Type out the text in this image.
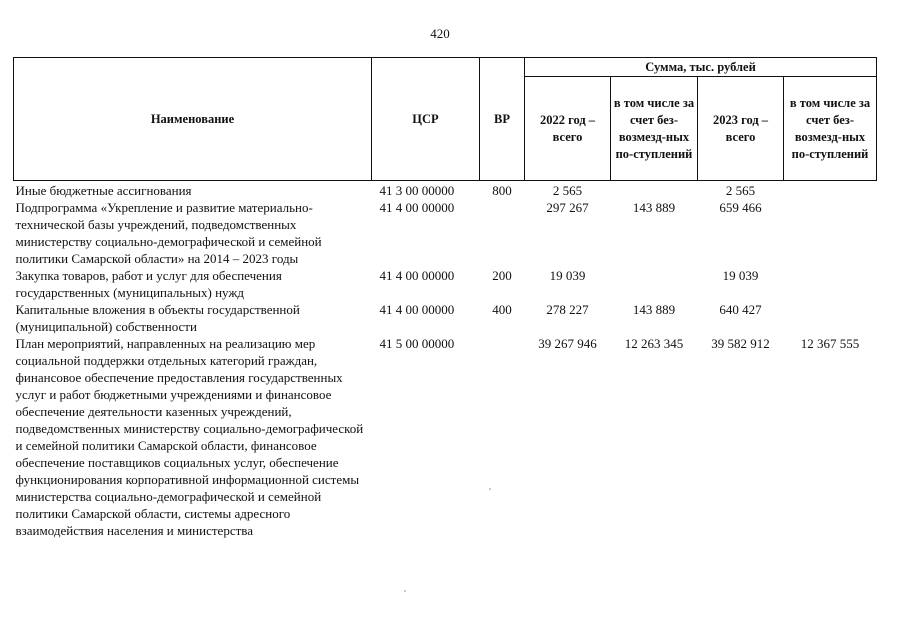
420
Наименование	ЦСР	ВР	Сумма, тыс. рублей			
			2022 год – всего	в том числе за счет без-возмезд-ных по-ступлений	2023 год – всего	в том числе за счет без-возмезд-ных по-ступлений
Иные бюджетные ассигнования	41 3 00 00000	800	2 565		2 565	
Подпрограмма «Укрепление и развитие материально-технической базы учреждений, подведомственных министерству социально-демографической и семейной политики Самарской области» на 2014 – 2023 годы	41 4 00 00000		297 267	143 889	659 466	
Закупка товаров, работ и услуг для обеспечения государственных (муниципальных) нужд	41 4 00 00000	200	19 039		19 039	
Капитальные вложения в объекты государственной (муниципальной) собственности	41 4 00 00000	400	278 227	143 889	640 427	
План мероприятий, направленных на реализацию мер социальной поддержки отдельных категорий граждан, финансовое обеспечение предоставления государственных услуг и работ бюджетными учреждениями и финансовое обеспечение деятельности казенных учреждений, подведомственных министерству социально-демографической и семейной политики Самарской области, финансовое обеспечение поставщиков социальных услуг, обеспечение функционирования корпоративной информационной системы министерства социально-демографической и семейной политики Самарской области, системы адресного взаимодействия населения и министерства	41 5 00 00000		39 267 946	12 263 345	39 582 912	12 367 555
